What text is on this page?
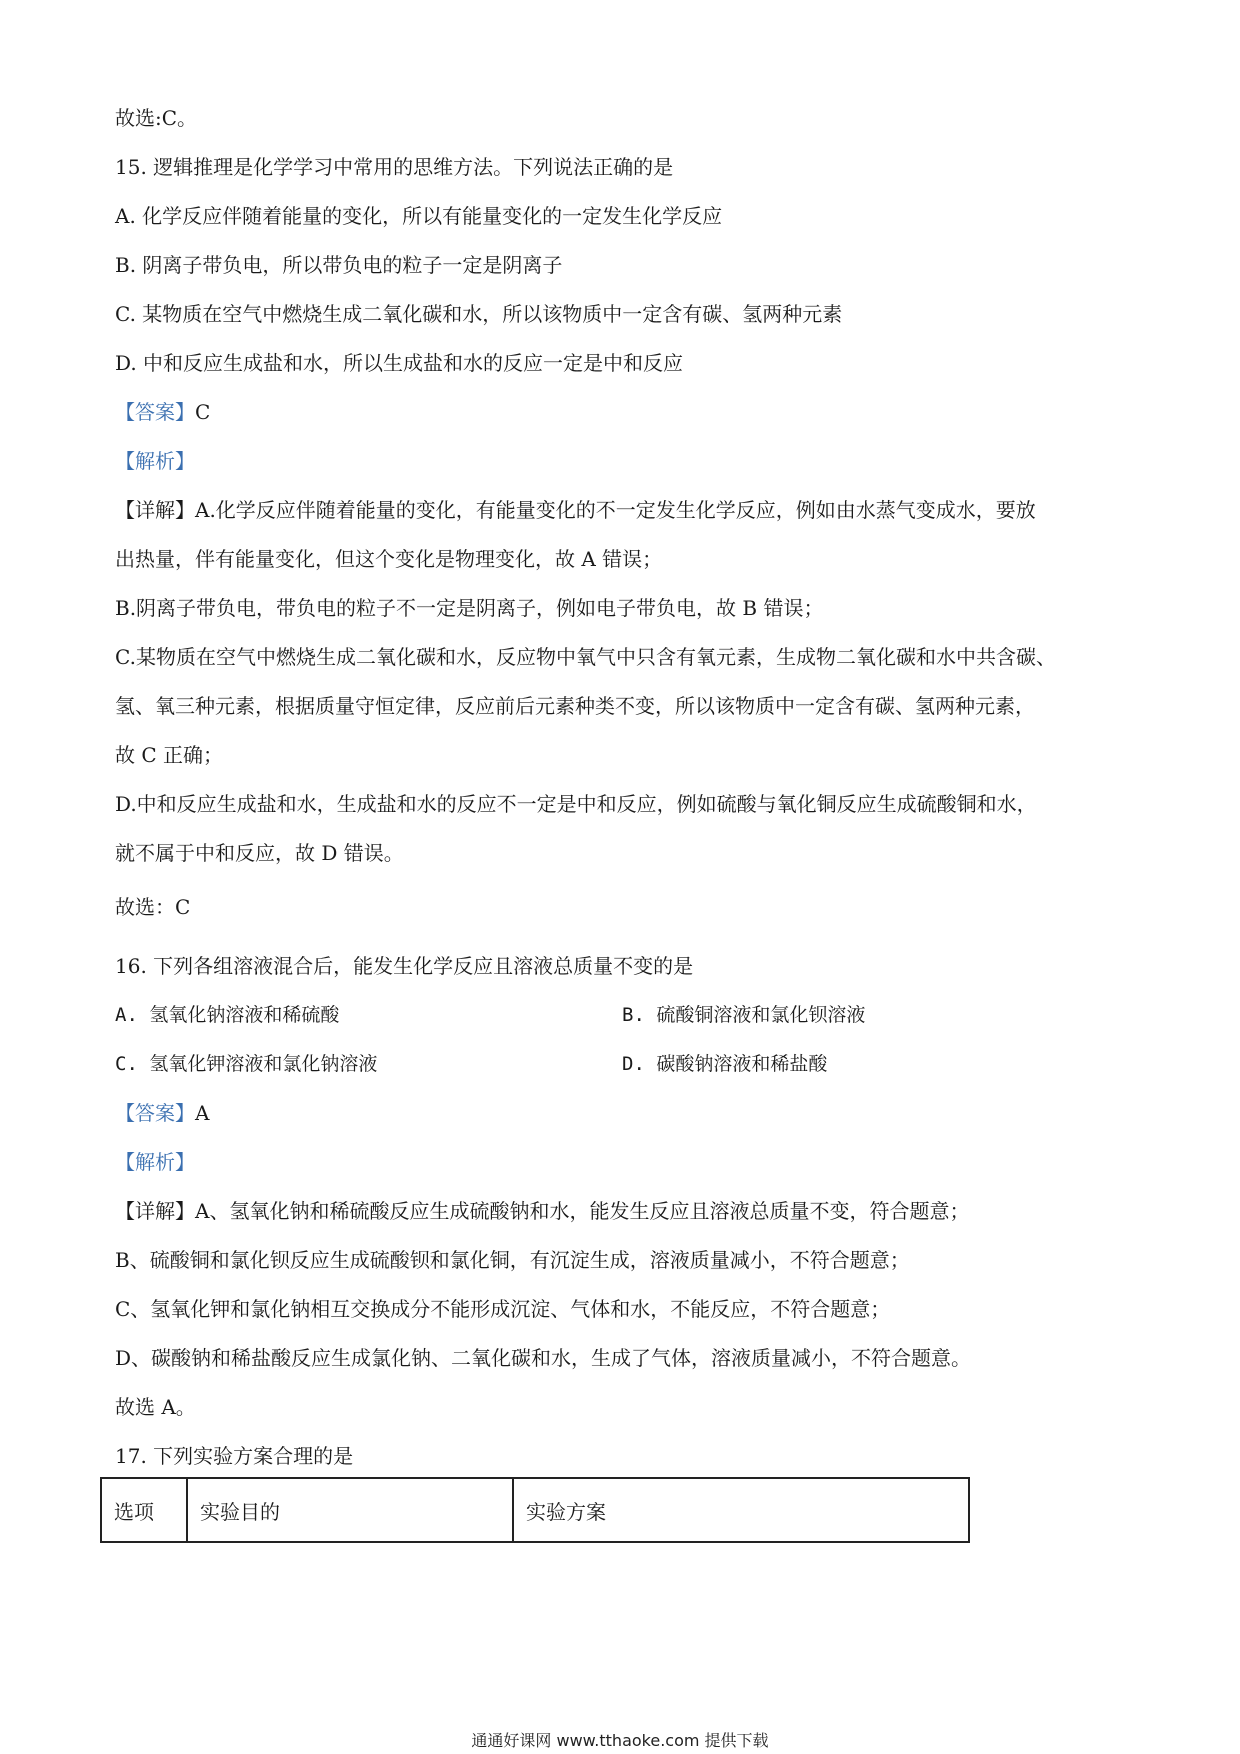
故选:C。
15. 逻辑推理是化学学习中常用的思维方法。下列说法正确的是
A. 化学反应伴随着能量的变化，所以有能量变化的一定发生化学反应
B. 阴离子带负电，所以带负电的粒子一定是阴离子
C. 某物质在空气中燃烧生成二氧化碳和水，所以该物质中一定含有碳、氢两种元素
D. 中和反应生成盐和水，所以生成盐和水的反应一定是中和反应
【答案】C
【解析】
【详解】A.化学反应伴随着能量的变化，有能量变化的不一定发生化学反应，例如由水蒸气变成水，要放
出热量，伴有能量变化，但这个变化是物理变化，故 A 错误；
B.阴离子带负电，带负电的粒子不一定是阴离子，例如电子带负电，故 B 错误；
C.某物质在空气中燃烧生成二氧化碳和水，反应物中氧气中只含有氧元素，生成物二氧化碳和水中共含碳、
氢、氧三种元素，根据质量守恒定律，反应前后元素种类不变，所以该物质中一定含有碳、氢两种元素，
故 C 正确；
D.中和反应生成盐和水，生成盐和水的反应不一定是中和反应，例如硫酸与氧化铜反应生成硫酸铜和水，
就不属于中和反应，故 D 错误。
故选：C
16. 下列各组溶液混合后，能发生化学反应且溶液总质量不变的是
A. 氢氧化钠溶液和稀硫酸	B. 硫酸铜溶液和氯化钡溶液
C. 氢氧化钾溶液和氯化钠溶液	D. 碳酸钠溶液和稀盐酸
【答案】A
【解析】
【详解】A、氢氧化钠和稀硫酸反应生成硫酸钠和水，能发生反应且溶液总质量不变，符合题意；
B、硫酸铜和氯化钡反应生成硫酸钡和氯化铜，有沉淀生成，溶液质量减小，不符合题意；
C、氢氧化钾和氯化钠相互交换成分不能形成沉淀、气体和水，不能反应，不符合题意；
D、碳酸钠和稀盐酸反应生成氯化钠、二氧化碳和水，生成了气体，溶液质量减小，不符合题意。
故选 A。
17. 下列实验方案合理的是
选项	实验目的	实验方案
通通好课网 www.tthaoke.com 提供下载
